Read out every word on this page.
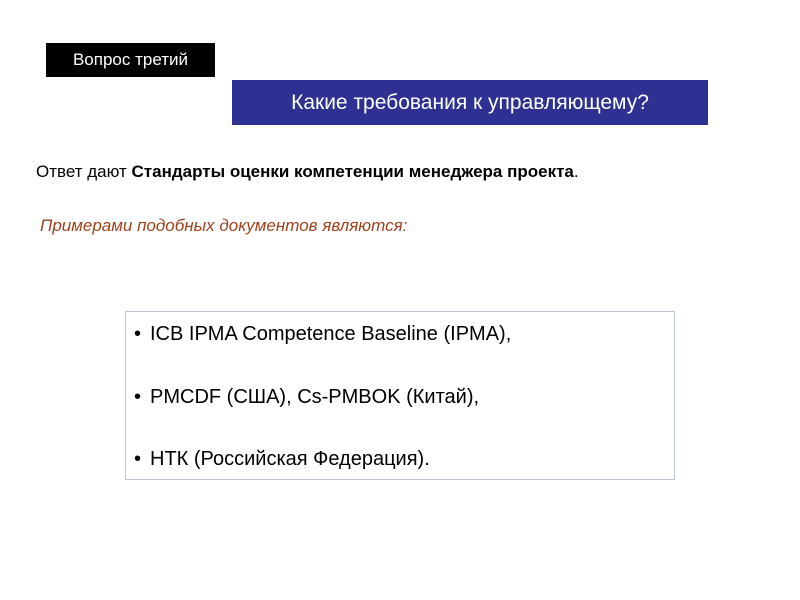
Вопрос третий
Какие требования к управляющему?
Ответ дают Стандарты оценки компетенции менеджера проекта.
Примерами подобных документов являются:
• ICB IPMA Competence Baseline (IPMA),
• PMCDF (США), Cs-PMBOK (Китай),
• НТК (Российская Федерация).
